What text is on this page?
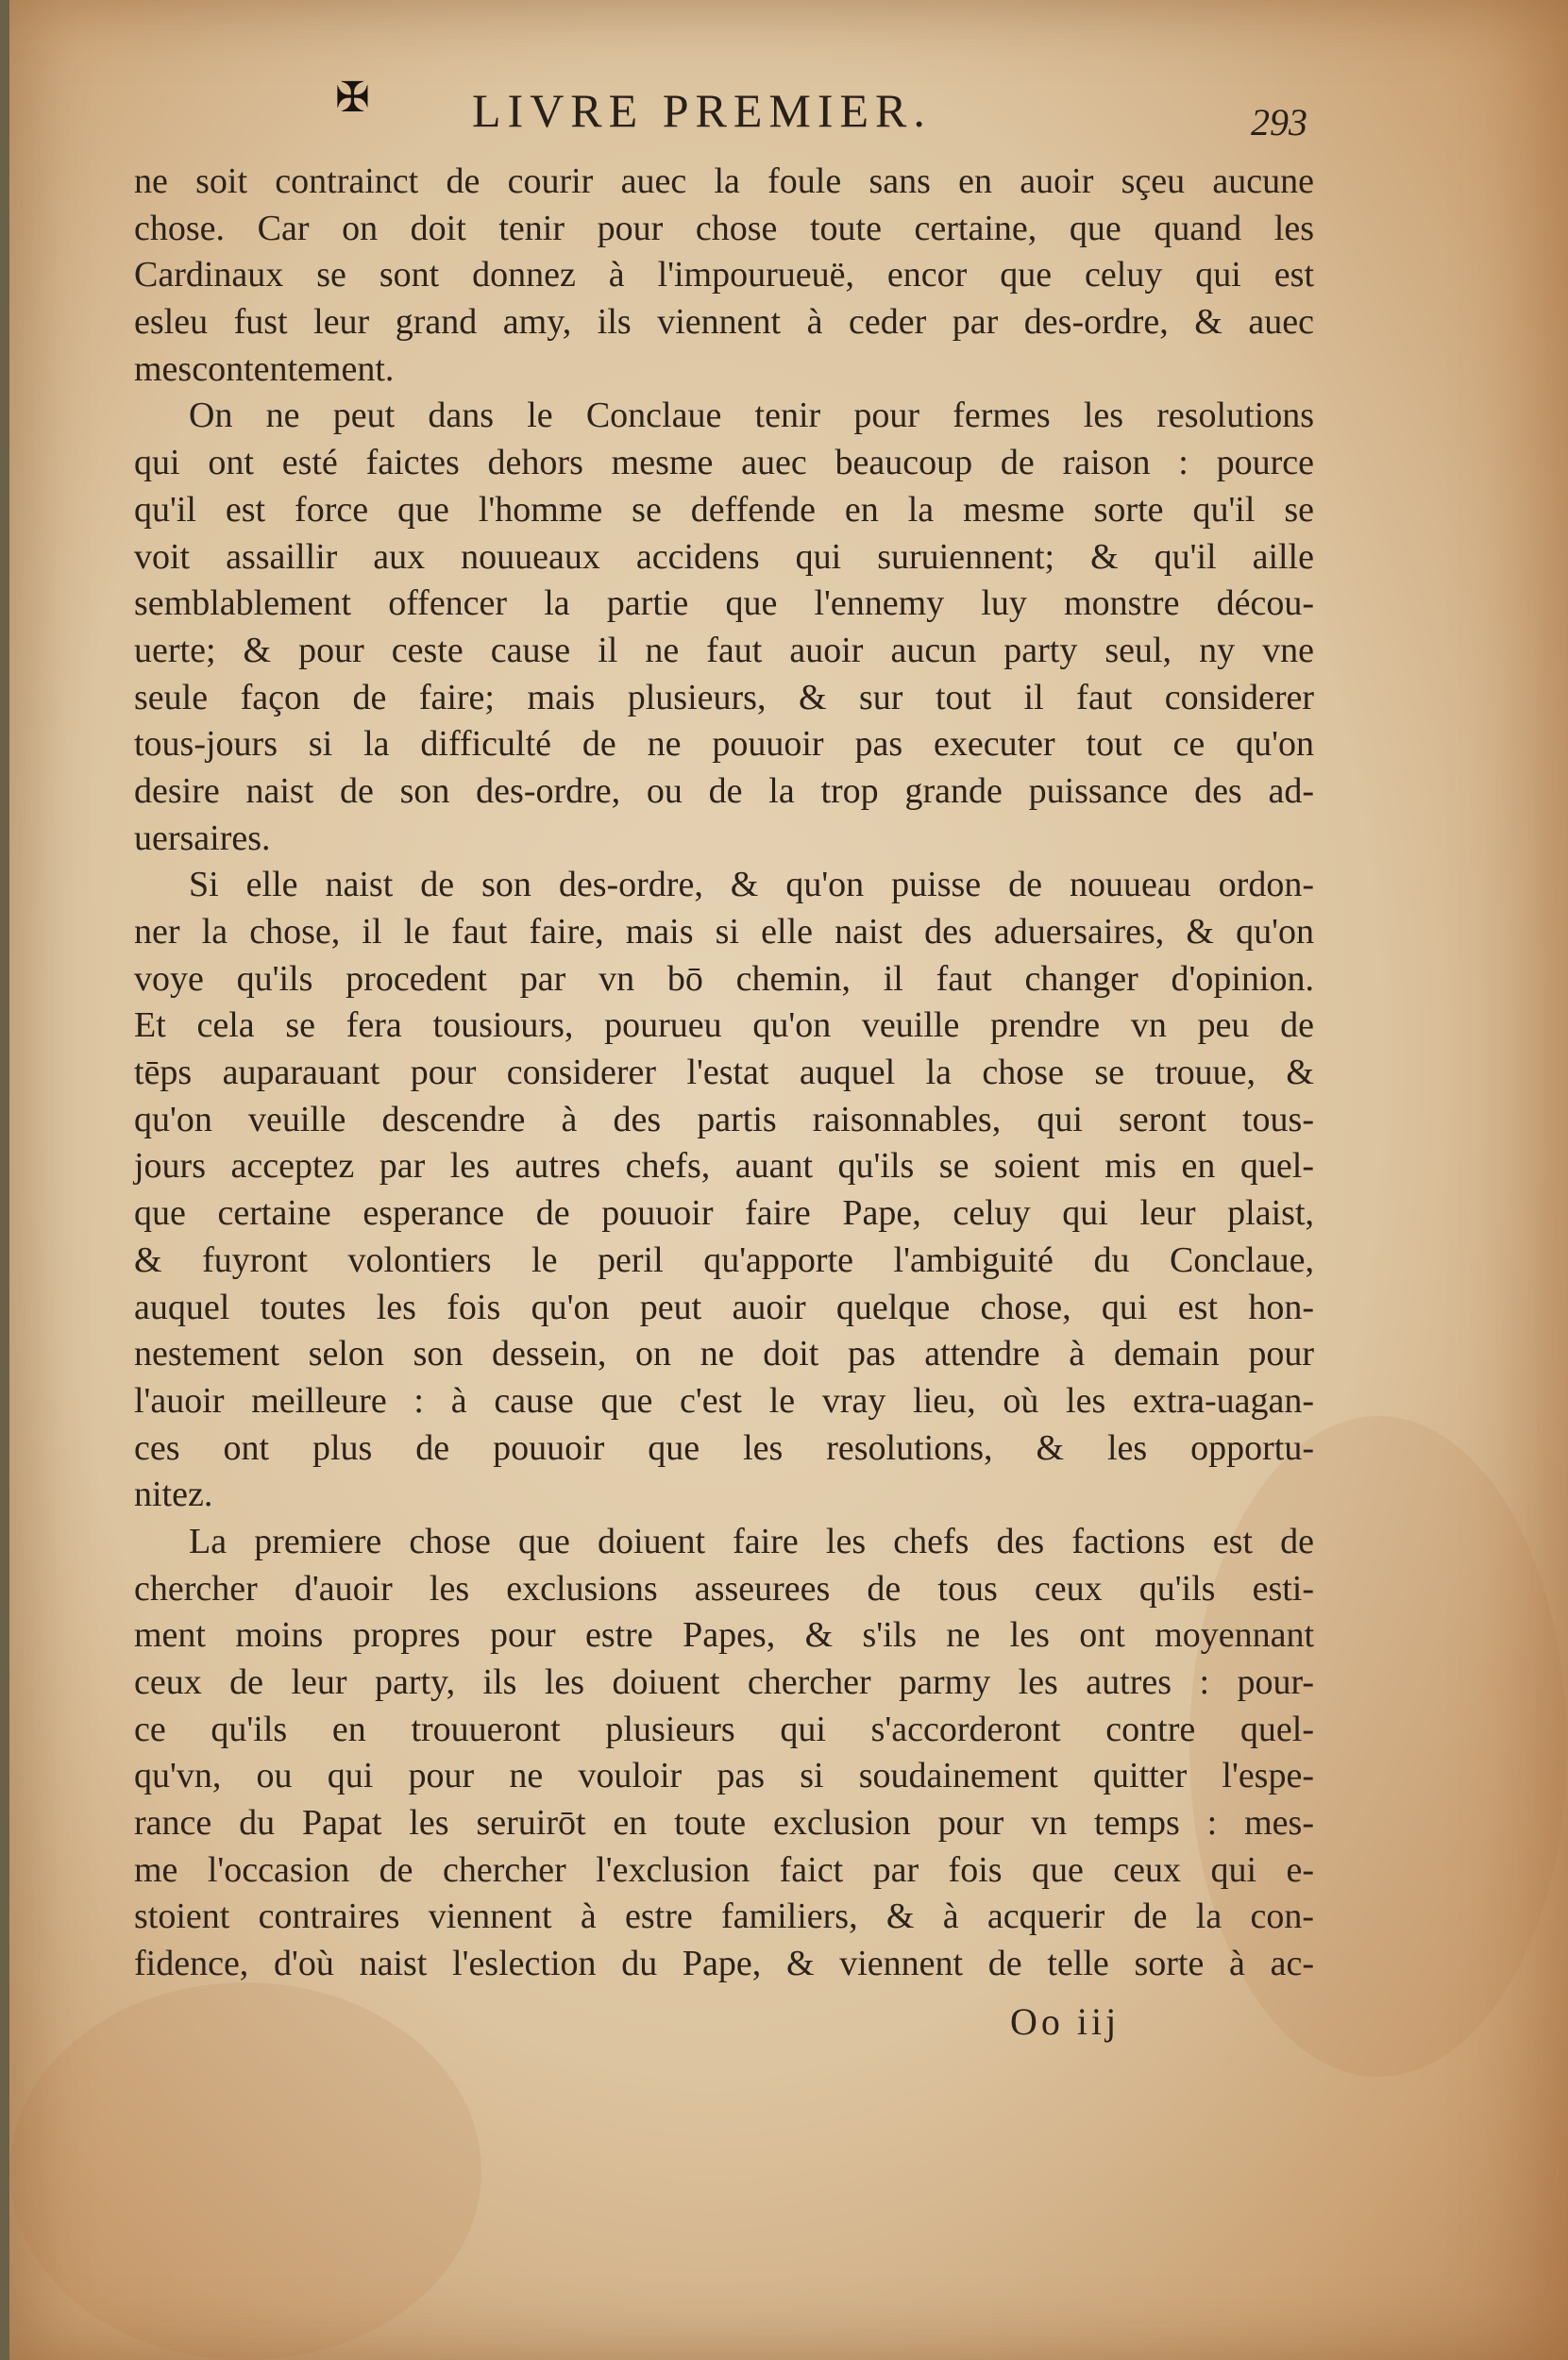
✠ LIVRE PREMIER.	293
ne soit contrainct de courir auec la foule sans en auoir sçeu aucune
chose. Car on doit tenir pour chose toute certaine, que quand les
Cardinaux se sont donnez à l'impourueuë, encor que celuy qui est
esleu fust leur grand amy, ils viennent à ceder par des-ordre, & auec
mescontentement.
On ne peut dans le Conclaue tenir pour fermes les resolutions
qui ont esté faictes dehors mesme auec beaucoup de raison : pource
qu'il est force que l'homme se deffende en la mesme sorte qu'il se
voit assaillir aux nouueaux accidens qui suruiennent; & qu'il aille
semblablement offencer la partie que l'ennemy luy monstre décou-
uerte; & pour ceste cause il ne faut auoir aucun party seul, ny vne
seule façon de faire; mais plusieurs, & sur tout il faut considerer
tous-jours si la difficulté de ne pouuoir pas executer tout ce qu'on
desire naist de son des-ordre, ou de la trop grande puissance des ad-
uersaires.
Si elle naist de son des-ordre, & qu'on puisse de nouueau ordon-
ner la chose, il le faut faire, mais si elle naist des aduersaires, & qu'on
voye qu'ils procedent par vn bō chemin, il faut changer d'opinion.
Et cela se fera tousiours, pourueu qu'on veuille prendre vn peu de
tēps auparauant pour considerer l'estat auquel la chose se trouue, &
qu'on veuille descendre à des partis raisonnables, qui seront tous-
jours acceptez par les autres chefs, auant qu'ils se soient mis en quel-
que certaine esperance de pouuoir faire Pape, celuy qui leur plaist,
& fuyront volontiers le peril qu'apporte l'ambiguité du Conclaue,
auquel toutes les fois qu'on peut auoir quelque chose, qui est hon-
nestement selon son dessein, on ne doit pas attendre à demain pour
l'auoir meilleure : à cause que c'est le vray lieu, où les extra-uagan-
ces ont plus de pouuoir que les resolutions, & les opportu-
nitez.
La premiere chose que doiuent faire les chefs des factions est de
chercher d'auoir les exclusions asseurees de tous ceux qu'ils esti-
ment moins propres pour estre Papes, & s'ils ne les ont moyennant
ceux de leur party, ils les doiuent chercher parmy les autres : pour-
ce qu'ils en trouueront plusieurs qui s'accorderont contre quel-
qu'vn, ou qui pour ne vouloir pas si soudainement quitter l'espe-
rance du Papat les seruirōt en toute exclusion pour vn temps : mes-
me l'occasion de chercher l'exclusion faict par fois que ceux qui e-
stoient contraires viennent à estre familiers, & à acquerir de la con-
fidence, d'où naist l'eslection du Pape, & viennent de telle sorte à ac-
Oo iij
